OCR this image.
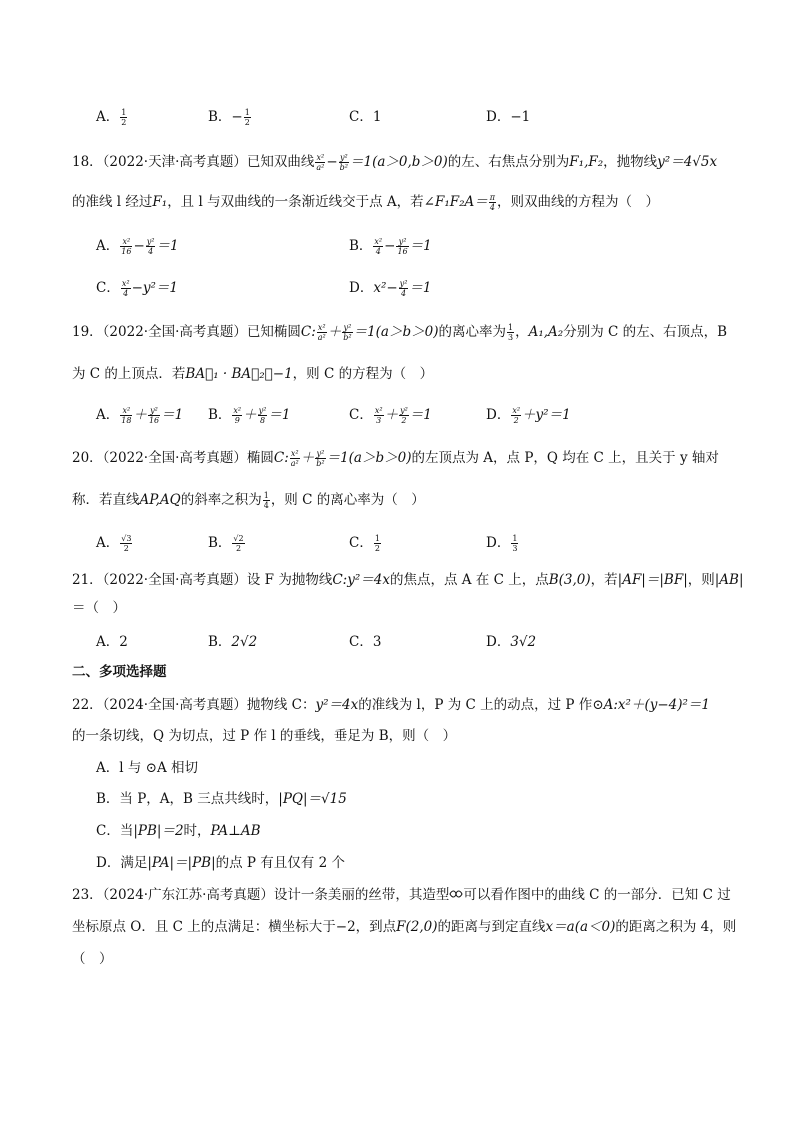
A． $\frac{1}{2}$	B．− $\frac{1}{2}$	C．1	D．−1
18．（2022·天津·高考真题）已知双曲线 $\frac{\text{x²}}{\text{a²}} - \frac{\text{y²}}{\text{b²}} =1(a>0,b>0)$的左、右焦点分别为F₁,F₂，抛物线y²＝4√5x
的准线 l 经过F₁，且 l 与双曲线的一条渐近线交于点 A，若∠F₁F₂A＝ $\frac{\pi}{4}$ ，则双曲线的方程为（　）
A． $\frac{\text{x²}}{16} - \frac{\text{y²}}{4} =1$	B． $\frac{\text{x²}}{4} - \frac{\text{y²}}{16} =1$
C． $\frac{\text{x²}}{4} -y^2=1$	D．$x^2- \frac{\text{y²}}{4} =1$
19．（2022·全国·高考真题）已知椭圆C: $\frac{\text{x²}}{\text{a²}} + \frac{\text{y²}}{\text{b²}} =1(a>b>0)$的离心率为 $\frac{1}{3}$ ，A₁,A₂分别为 C 的左、右顶点，B
为 C 的上顶点．若BA⃗₁ · BA⃗₂＝−1，则 C 的方程为（　）
A． $\frac{\text{x²}}{18} + \frac{\text{y²}}{16} =1$ B． $\frac{\text{x²}}{9} + \frac{\text{y²}}{8} =1$	C． $\frac{\text{x²}}{3} + \frac{\text{y²}}{2} =1$	D． $\frac{\text{x²}}{2} +y^2=1$
20．（2022·全国·高考真题）椭圆C: $\frac{\text{x²}}{\text{a²}} + \frac{\text{y²}}{\text{b²}} =1(a>b>0)$的左顶点为 A，点 P，Q 均在 C 上，且关于 y 轴对
称．若直线AP,AQ的斜率之积为 $\frac{1}{4}$ ，则 C 的离心率为（　）
A． $\frac{√3}{2}$	B． $\frac{√2}{2}$	C． $\frac{1}{2}$	D． $\frac{1}{3}$
21．（2022·全国·高考真题）设 F 为抛物线C:y²＝4x的焦点，点 A 在 C 上，点B(3,0)，若|AF|＝|BF|，则|AB|
＝（　）
A．2	B．2√2	C．3	D．3√2
二、多项选择题
22．（2024·全国·高考真题）抛物线 C：y²＝4x的准线为 l，P 为 C 上的动点，过 P 作⊙A:x²＋(y−4)²＝1
的一条切线，Q 为切点，过 P 作 l 的垂线，垂足为 B，则（　）
A．l 与 ⊙A 相切
B．当 P，A，B 三点共线时，|PQ|＝√15
C．当|PB|＝2时，PA⊥AB
D．满足|PA|＝|PB|的点 P 有且仅有 2 个
23．（2024·广东江苏·高考真题）设计一条美丽的丝带，其造型 可以看作图中的曲线 C 的一部分．已知 C 过
坐标原点 O．且 C 上的点满足：横坐标大于−2，到点F(2,0)的距离与到定直线x＝a(a＜0)的距离之积为 4，则
（　）
